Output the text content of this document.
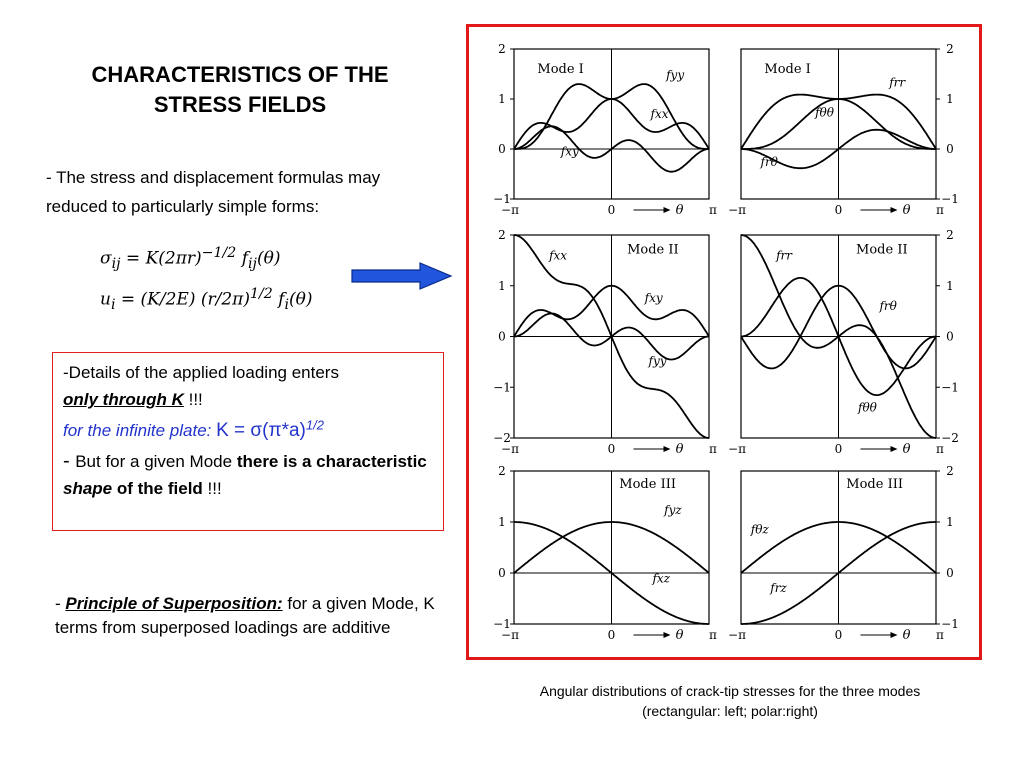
CHARACTERISTICS OF THE
STRESS FIELDS
- The stress and displacement formulas may reduced to particularly simple forms:
$\sigma_{ij} = K(2\pi r)^{-1/2}$ $f_{ij}(\theta)$
$u_i = (K/2E)$ $(r/2\pi)^{1/2}$ $f_i(\theta)$
-Details of the applied loading enters
only through K !!!
for the infinite plate: $K = \sigma(\pi*a)^{1/2}$
- But for a given Mode there is a characteristic shape of the field !!!
- Principle of Superposition: for a given Mode, K terms from superposed loadings are additive
2
1
0
−1
−π	0	π
θ
Mode I	fyy
fxx
fxy
2
1
0
−1
−π	0	π
θ
Mode I
frr
fθθ
frθ
2
1
0
−1
−2
−π	0	π
θ
Mode II
fxx
fxy
fyy
2
1
0
−1
−2
−π	0	π
θ
Mode II
frr
frθ
fθθ
2
1
0
−1
−π	0	π
θ
Mode III
fyz
fxz
2
1
0
−1
−π	0	π
θ
Mode III
fθz
frz
Angular distributions of crack-tip stresses for the three modes (rectangular: left; polar:right)
